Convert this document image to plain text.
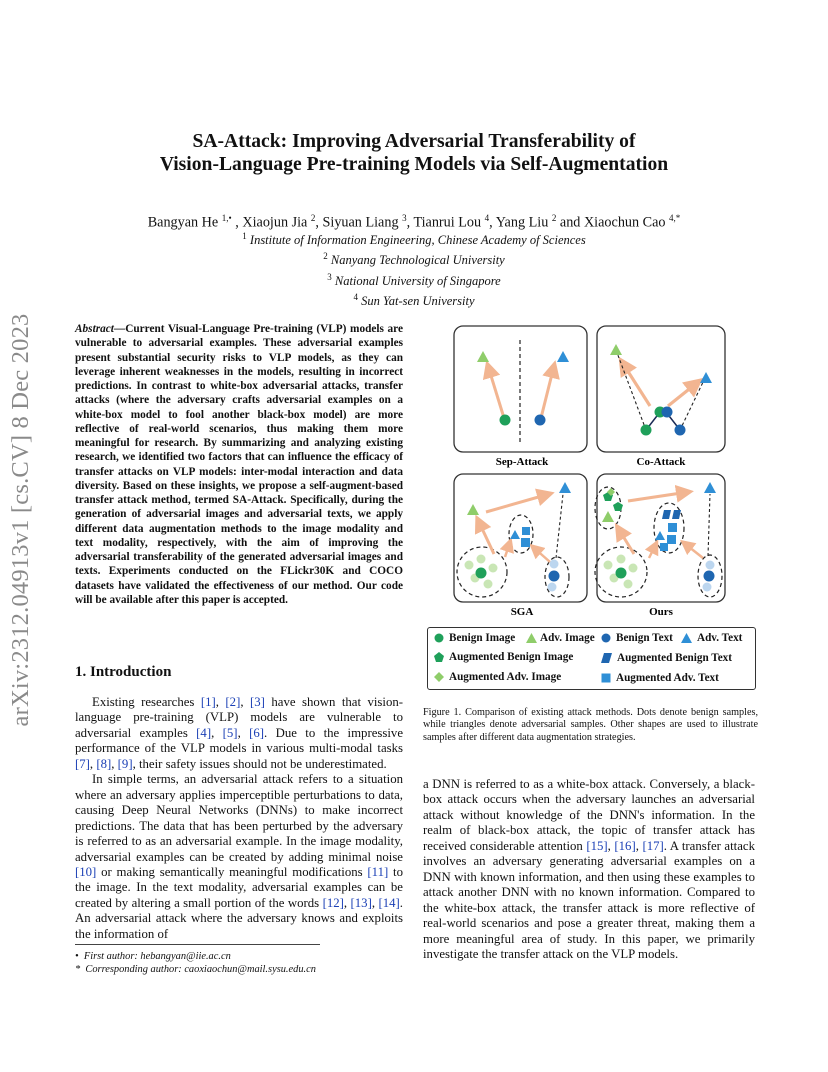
arXiv:2312.04913v1 [cs.CV] 8 Dec 2023
SA-Attack: Improving Adversarial Transferability of
Vision-Language Pre-training Models via Self-Augmentation
Bangyan He $^{1,•}$ , Xiaojun Jia $^2$, Siyuan Liang $^3$, Tianrui Lou $^4$, Yang Liu $^2$ and Xiaochun Cao $^{4,*}$
$^1$ Institute of Information Engineering, Chinese Academy of Sciences
$^2$ Nanyang Technological University
$^3$ National University of Singapore
$^4$ Sun Yat-sen University
Abstract—Current Visual-Language Pre-training (VLP) models are vulnerable to adversarial examples. These adversarial examples present substantial security risks to VLP models, as they can leverage inherent weaknesses in the models, resulting in incorrect predictions. In contrast to white-box adversarial attacks, transfer attacks (where the adversary crafts adversarial examples on a white-box model to fool another black-box model) are more reflective of real-world scenarios, thus making them more meaningful for research. By summarizing and analyzing existing research, we identified two factors that can influence the efficacy of transfer attacks on VLP models: inter-modal interaction and data diversity. Based on these insights, we propose a self-augment-based transfer attack method, termed SA-Attack. Specifically, during the generation of adversarial images and adversarial texts, we apply different data augmentation methods to the image modality and text modality, respectively, with the aim of improving the adversarial transferability of the generated adversarial images and texts. Experiments conducted on the FLickr30K and COCO datasets have validated the effectiveness of our method. Our code will be available after this paper is accepted.
1. Introduction

Existing researches [1], [2], [3] have shown that vision-language pre-training (VLP) models are vulnerable to adversarial examples [4], [5], [6]. Due to the impressive performance of the VLP models in various multi-modal tasks [7], [8], [9], their safety issues should not be underestimated.

In simple terms, an adversarial attack refers to a situation where an adversary applies imperceptible perturbations to data, causing Deep Neural Networks (DNNs) to make incorrect predictions. The data that has been perturbed by the adversary is referred to as an adversarial example. In the image modality, adversarial examples can be created by adding minimal noise [10] or making semantically meaningful modifications [11] to the image. In the text modality, adversarial examples can be created by altering a small portion of the words [12], [13], [14]. An adversarial attack where the adversary knows and exploits the information of

• First author: hebangyan@iie.ac.cn
* Corresponding author: caoxiaochun@mail.sysu.edu.cn
Sep-Attack	Co-Attack
SGA	Ours
Benign Image Adv. Image Benign Text Adv. Text
Augmented Benign Image	Augmented Benign Text
Augmented Adv. Image	Augmented Adv. Text
Figure 1. Comparison of existing attack methods. Dots denote benign samples, while triangles denote adversarial samples. Other shapes are used to illustrate samples after different data augmentation strategies.

a DNN is referred to as a white-box attack. Conversely, a black-box attack occurs when the adversary launches an adversarial attack without knowledge of the DNN's information. In the realm of black-box attack, the topic of transfer attack has received considerable attention [15], [16], [17]. A transfer attack involves an adversary generating adversarial examples on a DNN with known information, and then using these examples to attack another DNN with no known information. Compared to the white-box attack, the transfer attack is more reflective of real-world scenarios and pose a greater threat, making them a more meaningful area of study. In this paper, we primarily investigate the transfer attack on the VLP models.
